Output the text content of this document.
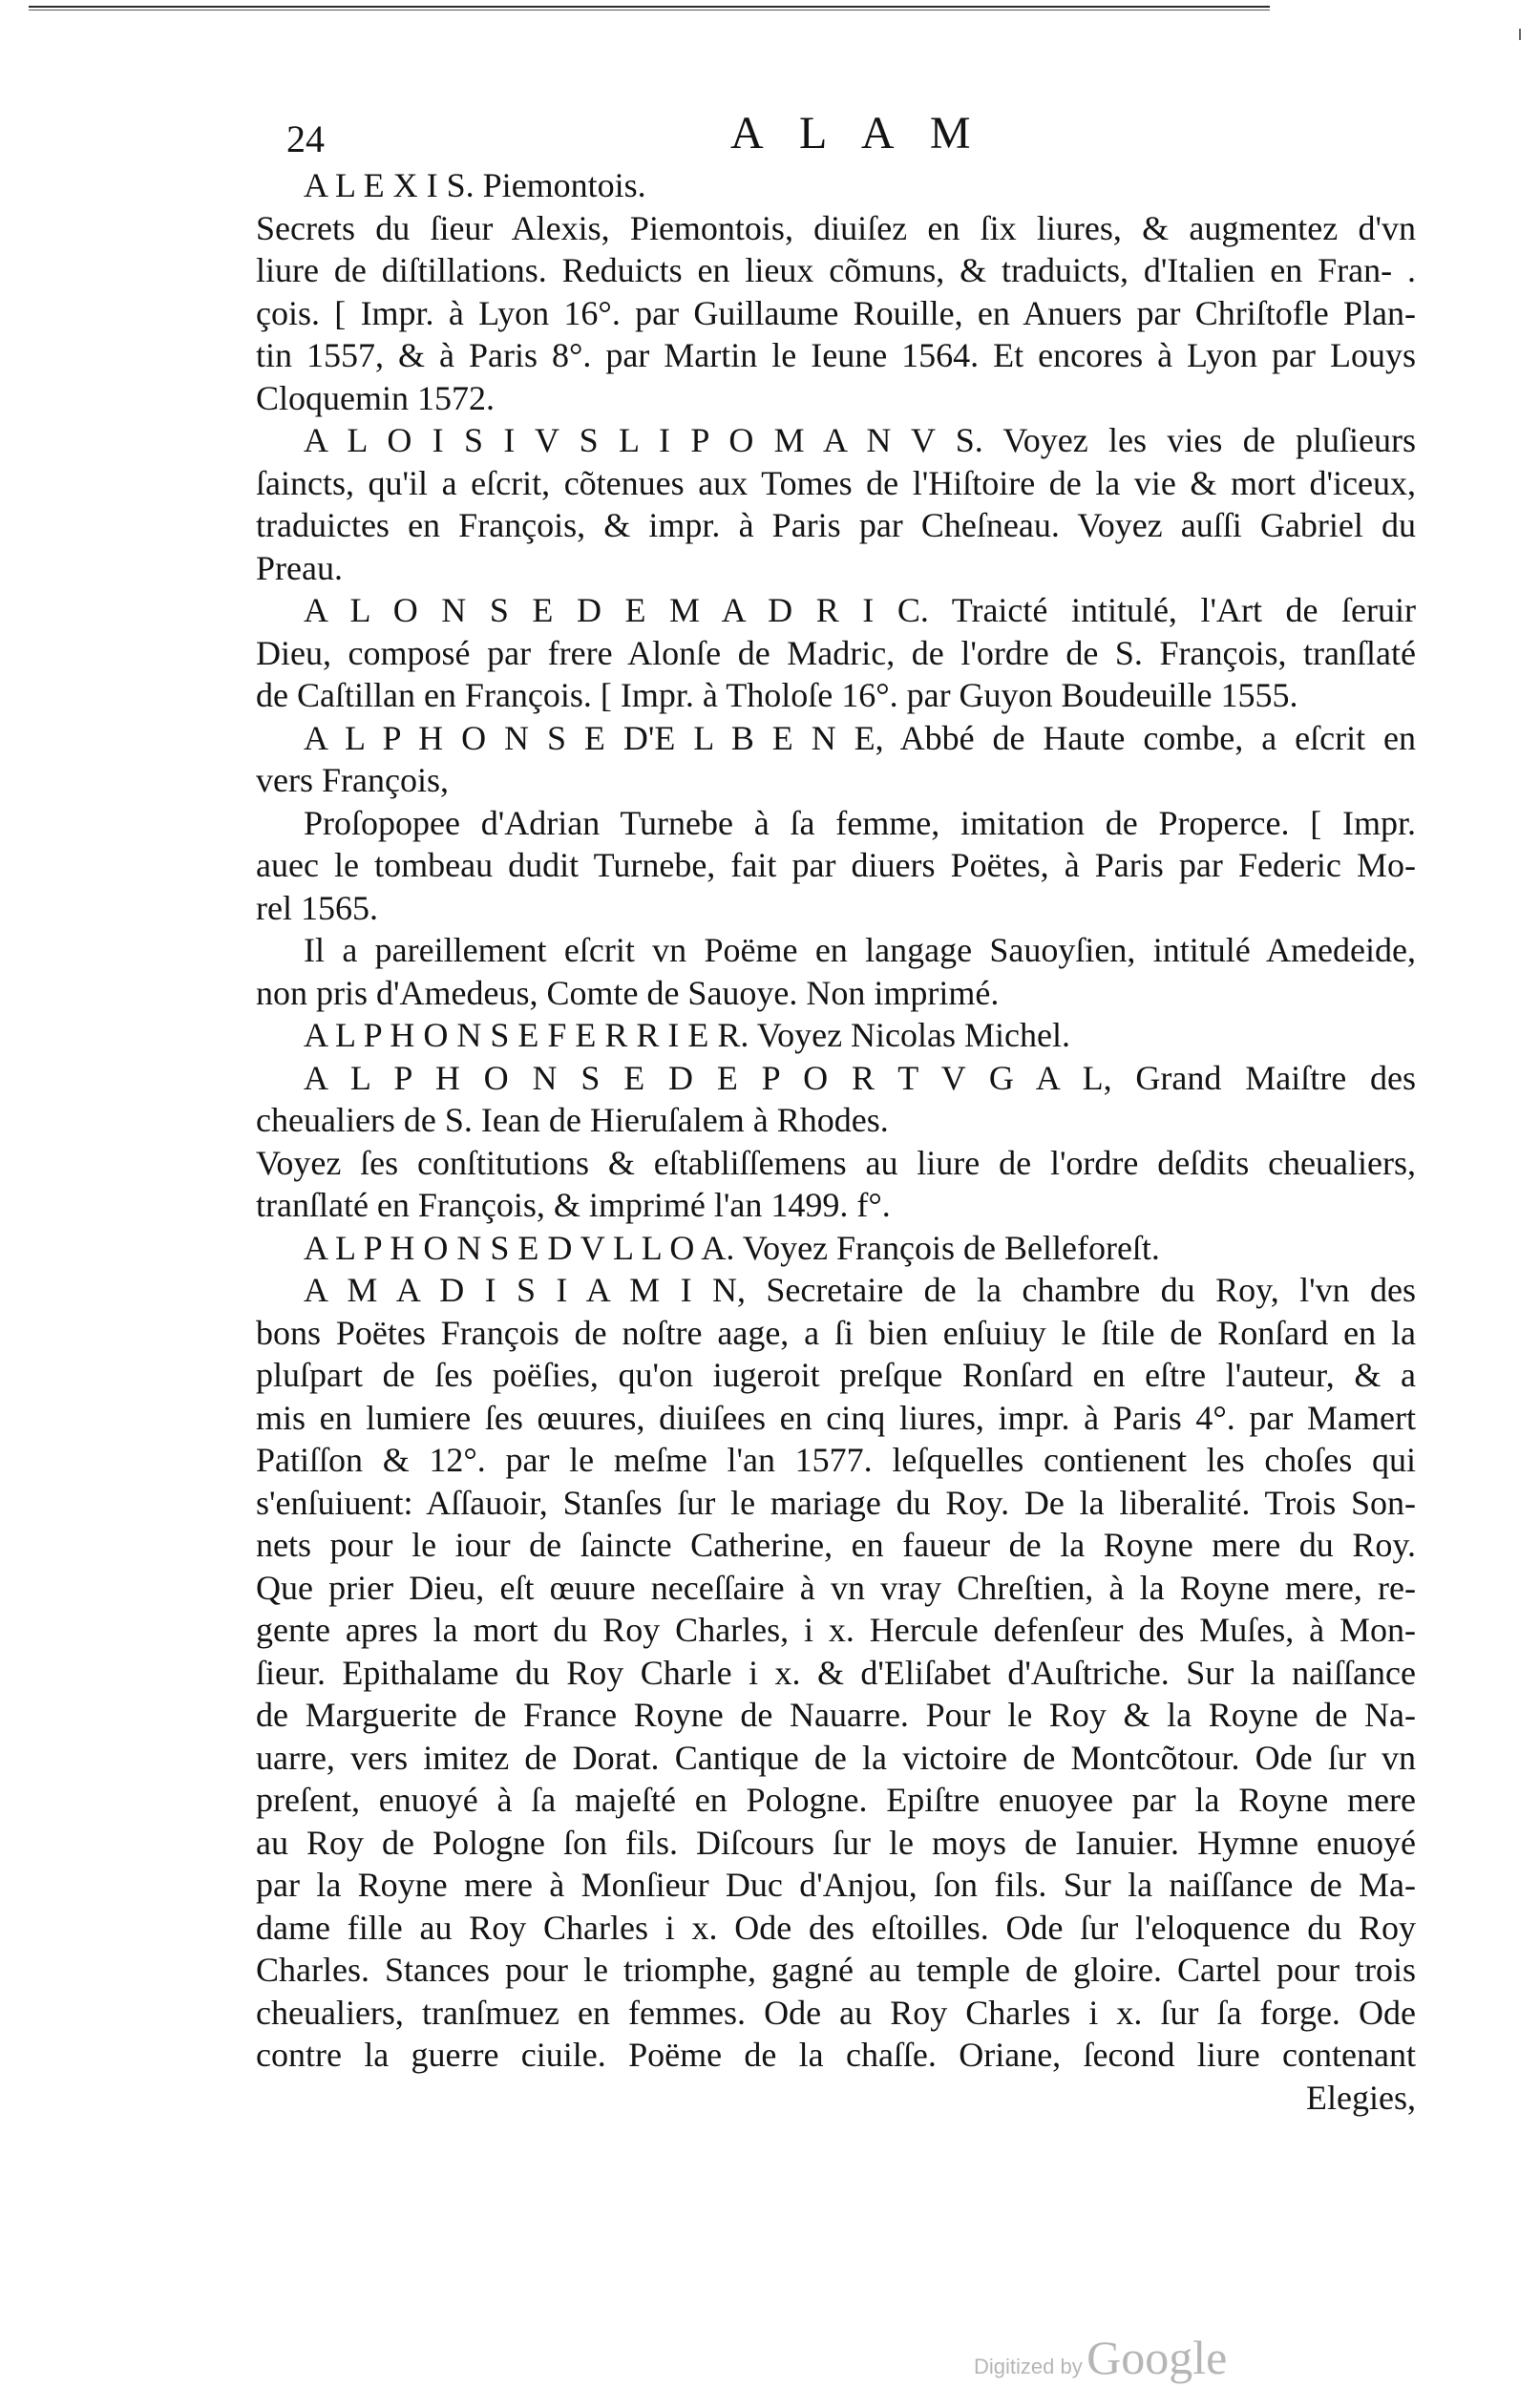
24	A L A M
A L E X I S. Piemontois.
Secrets du ſieur Alexis, Piemontois, diuiſez en ſix liures, & augmentez d'vn
liure de diſtillations. Reduicts en lieux cõmuns, & traduicts, d'Italien en Fran- .
çois. [ Impr. à Lyon 16°. par Guillaume Rouille, en Anuers par Chriſtofle Plan-
tin 1557, & à Paris 8°. par Martin le Ieune 1564. Et encores à Lyon par Louys
Cloquemin 1572.
A L O I S I V S L I P O M A N V S. Voyez les vies de pluſieurs
ſaincts, qu'il a eſcrit, cõtenues aux Tomes de l'Hiſtoire de la vie & mort d'iceux,
traduictes en François, & impr. à Paris par Cheſneau. Voyez auſſi Gabriel du
Preau.
A L O N S E D E M A D R I C. Traicté intitulé, l'Art de ſeruir
Dieu, composé par frere Alonſe de Madric, de l'ordre de S. François, tranſlaté
de Caſtillan en François. [ Impr. à Tholoſe 16°. par Guyon Boudeuille 1555.
A L P H O N S E D'E L B E N E, Abbé de Haute combe, a eſcrit en
vers François,
Proſopopee d'Adrian Turnebe à ſa femme, imitation de Properce. [ Impr.
auec le tombeau dudit Turnebe, fait par diuers Poëtes, à Paris par Federic Mo-
rel 1565.
Il a pareillement eſcrit vn Poëme en langage Sauoyſien, intitulé Amedeide,
non pris d'Amedeus, Comte de Sauoye. Non imprimé.
A L P H O N S E F E R R I E R. Voyez Nicolas Michel.
A L P H O N S E D E P O R T V G A L, Grand Maiſtre des
cheualiers de S. Iean de Hieruſalem à Rhodes.
Voyez ſes conſtitutions & eſtabliſſemens au liure de l'ordre deſdits cheualiers,
tranſlaté en François, & imprimé l'an 1499. f°.
A L P H O N S E D V L L O A. Voyez François de Belleforeſt.
A M A D I S I A M I N, Secretaire de la chambre du Roy, l'vn des
bons Poëtes François de noſtre aage, a ſi bien enſuiuy le ſtile de Ronſard en la
pluſpart de ſes poëſies, qu'on iugeroit preſque Ronſard en eſtre l'auteur, & a
mis en lumiere ſes œuures, diuiſees en cinq liures, impr. à Paris 4°. par Mamert
Patiſſon & 12°. par le meſme l'an 1577. leſquelles contienent les choſes qui
s'enſuiuent: Aſſauoir, Stanſes ſur le mariage du Roy. De la liberalité. Trois Son-
nets pour le iour de ſaincte Catherine, en faueur de la Royne mere du Roy.
Que prier Dieu, eſt œuure neceſſaire à vn vray Chreſtien, à la Royne mere, re-
gente apres la mort du Roy Charles, i x. Hercule defenſeur des Muſes, à Mon-
ſieur. Epithalame du Roy Charle i x. & d'Eliſabet d'Auſtriche. Sur la naiſſance
de Marguerite de France Royne de Nauarre. Pour le Roy & la Royne de Na-
uarre, vers imitez de Dorat. Cantique de la victoire de Montcõtour. Ode ſur vn
preſent, enuoyé à ſa majeſté en Pologne. Epiſtre enuoyee par la Royne mere
au Roy de Pologne ſon fils. Diſcours ſur le moys de Ianuier. Hymne enuoyé
par la Royne mere à Monſieur Duc d'Anjou, ſon fils. Sur la naiſſance de Ma-
dame fille au Roy Charles i x. Ode des eſtoilles. Ode ſur l'eloquence du Roy
Charles. Stances pour le triomphe, gagné au temple de gloire. Cartel pour trois
cheualiers, tranſmuez en femmes. Ode au Roy Charles i x. ſur ſa forge. Ode
contre la guerre ciuile. Poëme de la chaſſe. Oriane, ſecond liure contenant
Elegies,
Digitized by Google
